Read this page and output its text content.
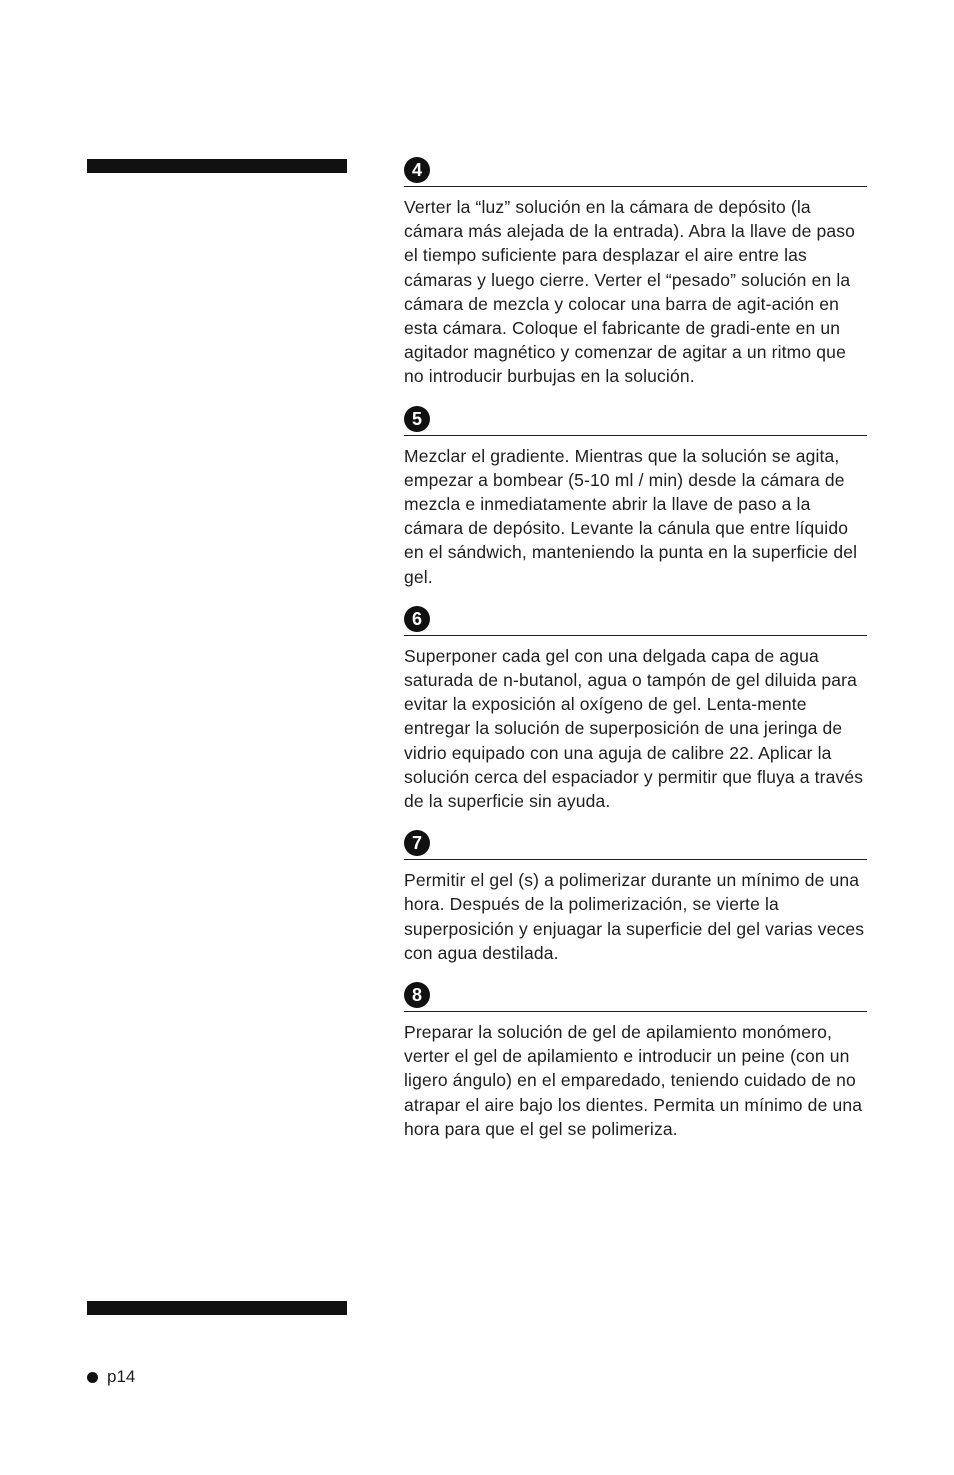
4

Verter la “luz” solución en la cámara de depósito (la cámara más alejada de la entrada). Abra la llave de paso el tiempo suficiente para desplazar el aire entre las cámaras y luego cierre. Verter el “pesado” solución en la cámara de mezcla y colocar una barra de agit-ación en esta cámara. Coloque el fabricante de gradi-ente en un agitador magnético y comenzar de agitar a un ritmo que no introducir burbujas en la solución.

5

Mezclar el gradiente. Mientras que la solución se agita, empezar a bombear (5-10 ml / min) desde la cámara de mezcla e inmediatamente abrir la llave de paso a la cámara de depósito. Levante la cánula que entre líquido en el sándwich, manteniendo la punta en la superficie del gel.

6

Superponer cada gel con una delgada capa de agua saturada de n-butanol, agua o tampón de gel diluida para evitar la exposición al oxígeno de gel. Lenta-mente entregar la solución de superposición de una jeringa de vidrio equipado con una aguja de calibre 22. Aplicar la solución cerca del espaciador y permitir que fluya a través de la superficie sin ayuda.

7

Permitir el gel (s) a polimerizar durante un mínimo de una hora. Después de la polimerización, se vierte la superposición y enjuagar la superficie del gel varias veces con agua destilada.

8

Preparar la solución de gel de apilamiento monómero, verter el gel de apilamiento e introducir un peine (con un ligero ángulo) en el emparedado, teniendo cuidado de no atrapar el aire bajo los dientes. Permita un mínimo de una hora para que el gel se polimeriza.

p14
